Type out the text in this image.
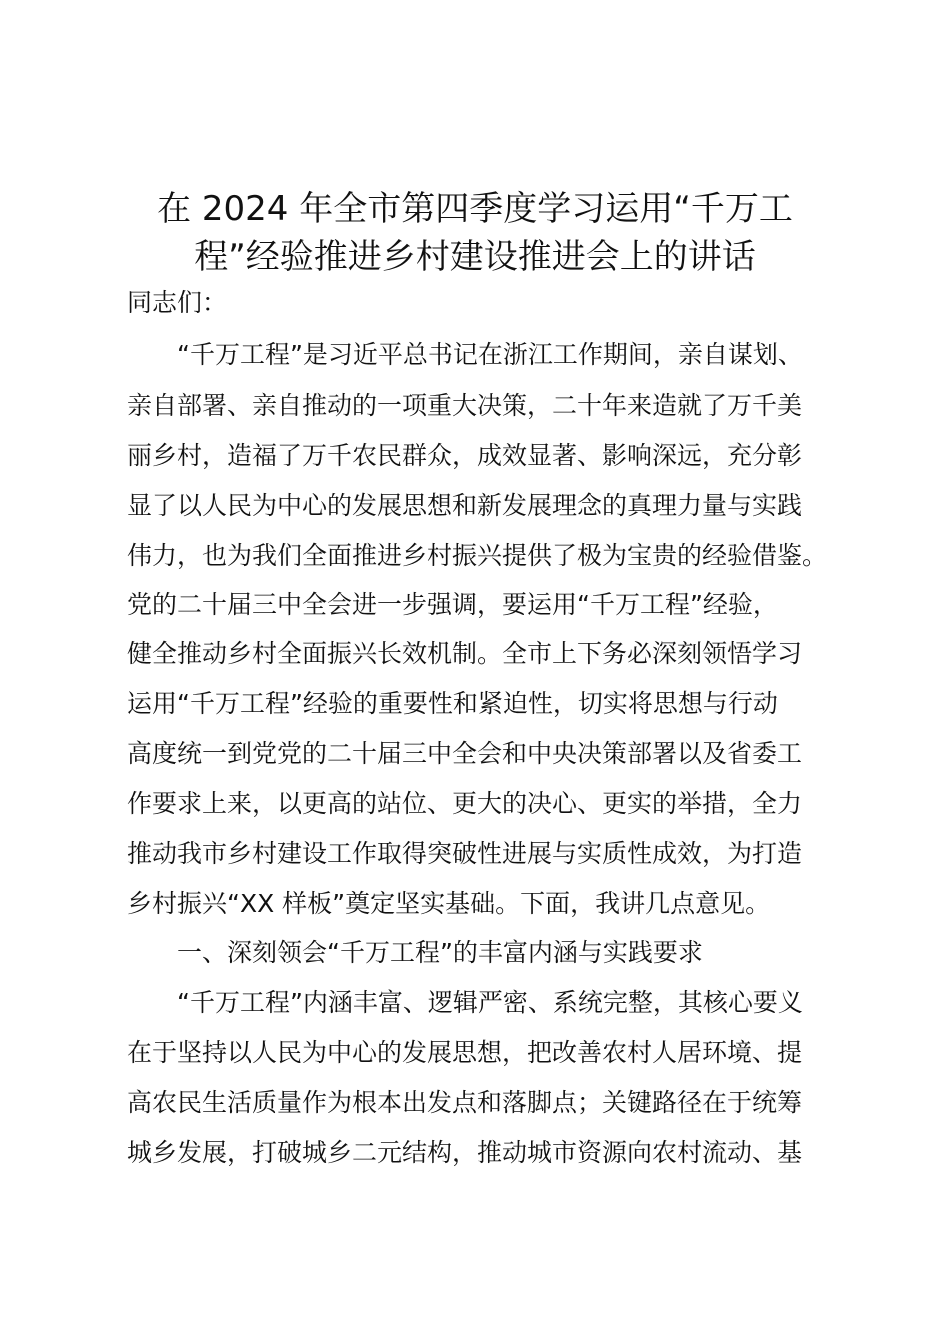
在 2024 年全市第四季度学习运用“千万工
程”经验推进乡村建设推进会上的讲话

同志们：

“千万工程”是习近平总书记在浙江工作期间，亲自谋划、

亲自部署、亲自推动的一项重大决策，二十年来造就了万千美

丽乡村，造福了万千农民群众，成效显著、影响深远，充分彰

显了以人民为中心的发展思想和新发展理念的真理力量与实践

伟力，也为我们全面推进乡村振兴提供了极为宝贵的经验借鉴。

党的二十届三中全会进一步强调，要运用“千万工程”经验，

健全推动乡村全面振兴长效机制。全市上下务必深刻领悟学习

运用“千万工程”经验的重要性和紧迫性，切实将思想与行动

高度统一到党党的二十届三中全会和中央决策部署以及省委工

作要求上来，以更高的站位、更大的决心、更实的举措，全力

推动我市乡村建设工作取得突破性进展与实质性成效，为打造

乡村振兴“XX 样板”奠定坚实基础。下面，我讲几点意见。

一、深刻领会“千万工程”的丰富内涵与实践要求

“千万工程”内涵丰富、逻辑严密、系统完整，其核心要义

在于坚持以人民为中心的发展思想，把改善农村人居环境、提

高农民生活质量作为根本出发点和落脚点；关键路径在于统筹

城乡发展，打破城乡二元结构，推动城市资源向农村流动、基
